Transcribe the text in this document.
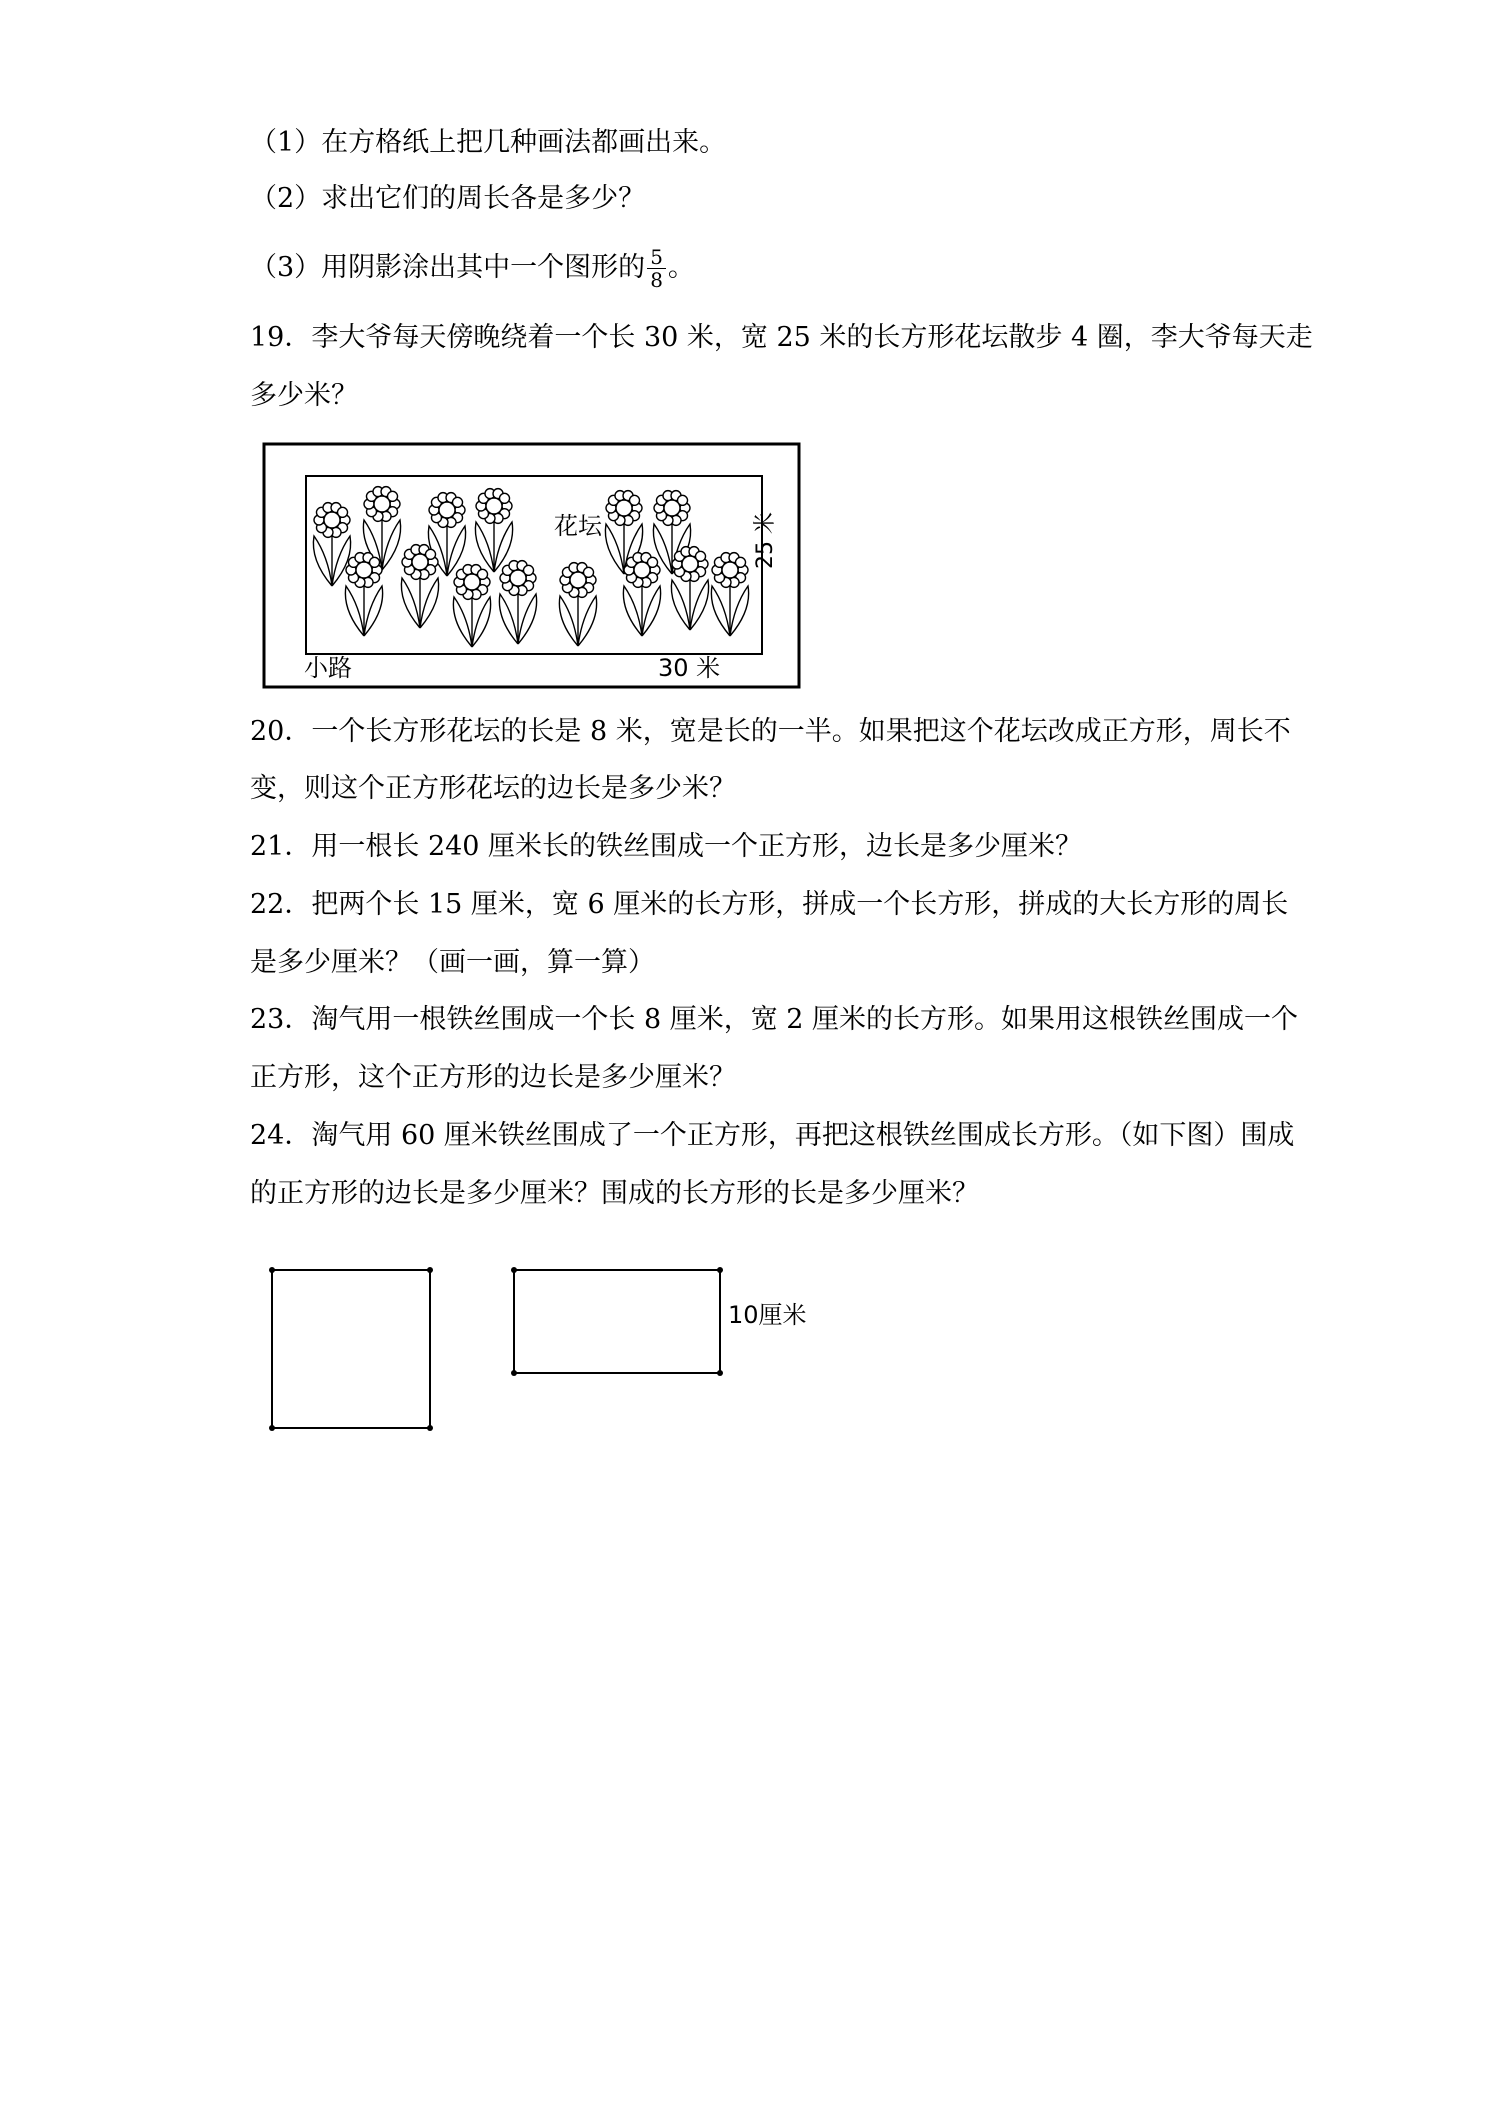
（1）在方格纸上把几种画法都画出来。
（2）求出它们的周长各是多少？
（3）用阴影涂出其中一个图形的 $\frac{5}{8}$ 。
19．李大爷每天傍晚绕着一个长 30 米，宽 25 米的长方形花坛散步 4 圈，李大爷每天走
多少米？
花坛
小路	30 米
25 米
20．一个长方形花坛的长是 8 米，宽是长的一半。如果把这个花坛改成正方形，周长不
变，则这个正方形花坛的边长是多少米？
21．用一根长 240 厘米长的铁丝围成一个正方形，边长是多少厘米？
22．把两个长 15 厘米，宽 6 厘米的长方形，拼成一个长方形，拼成的大长方形的周长
是多少厘米？（画一画，算一算）
23．淘气用一根铁丝围成一个长 8 厘米，宽 2 厘米的长方形。如果用这根铁丝围成一个
正方形，这个正方形的边长是多少厘米？
24．淘气用 60 厘米铁丝围成了一个正方形，再把这根铁丝围成长方形。（如下图）围成
的正方形的边长是多少厘米？围成的长方形的长是多少厘米？
10厘米
